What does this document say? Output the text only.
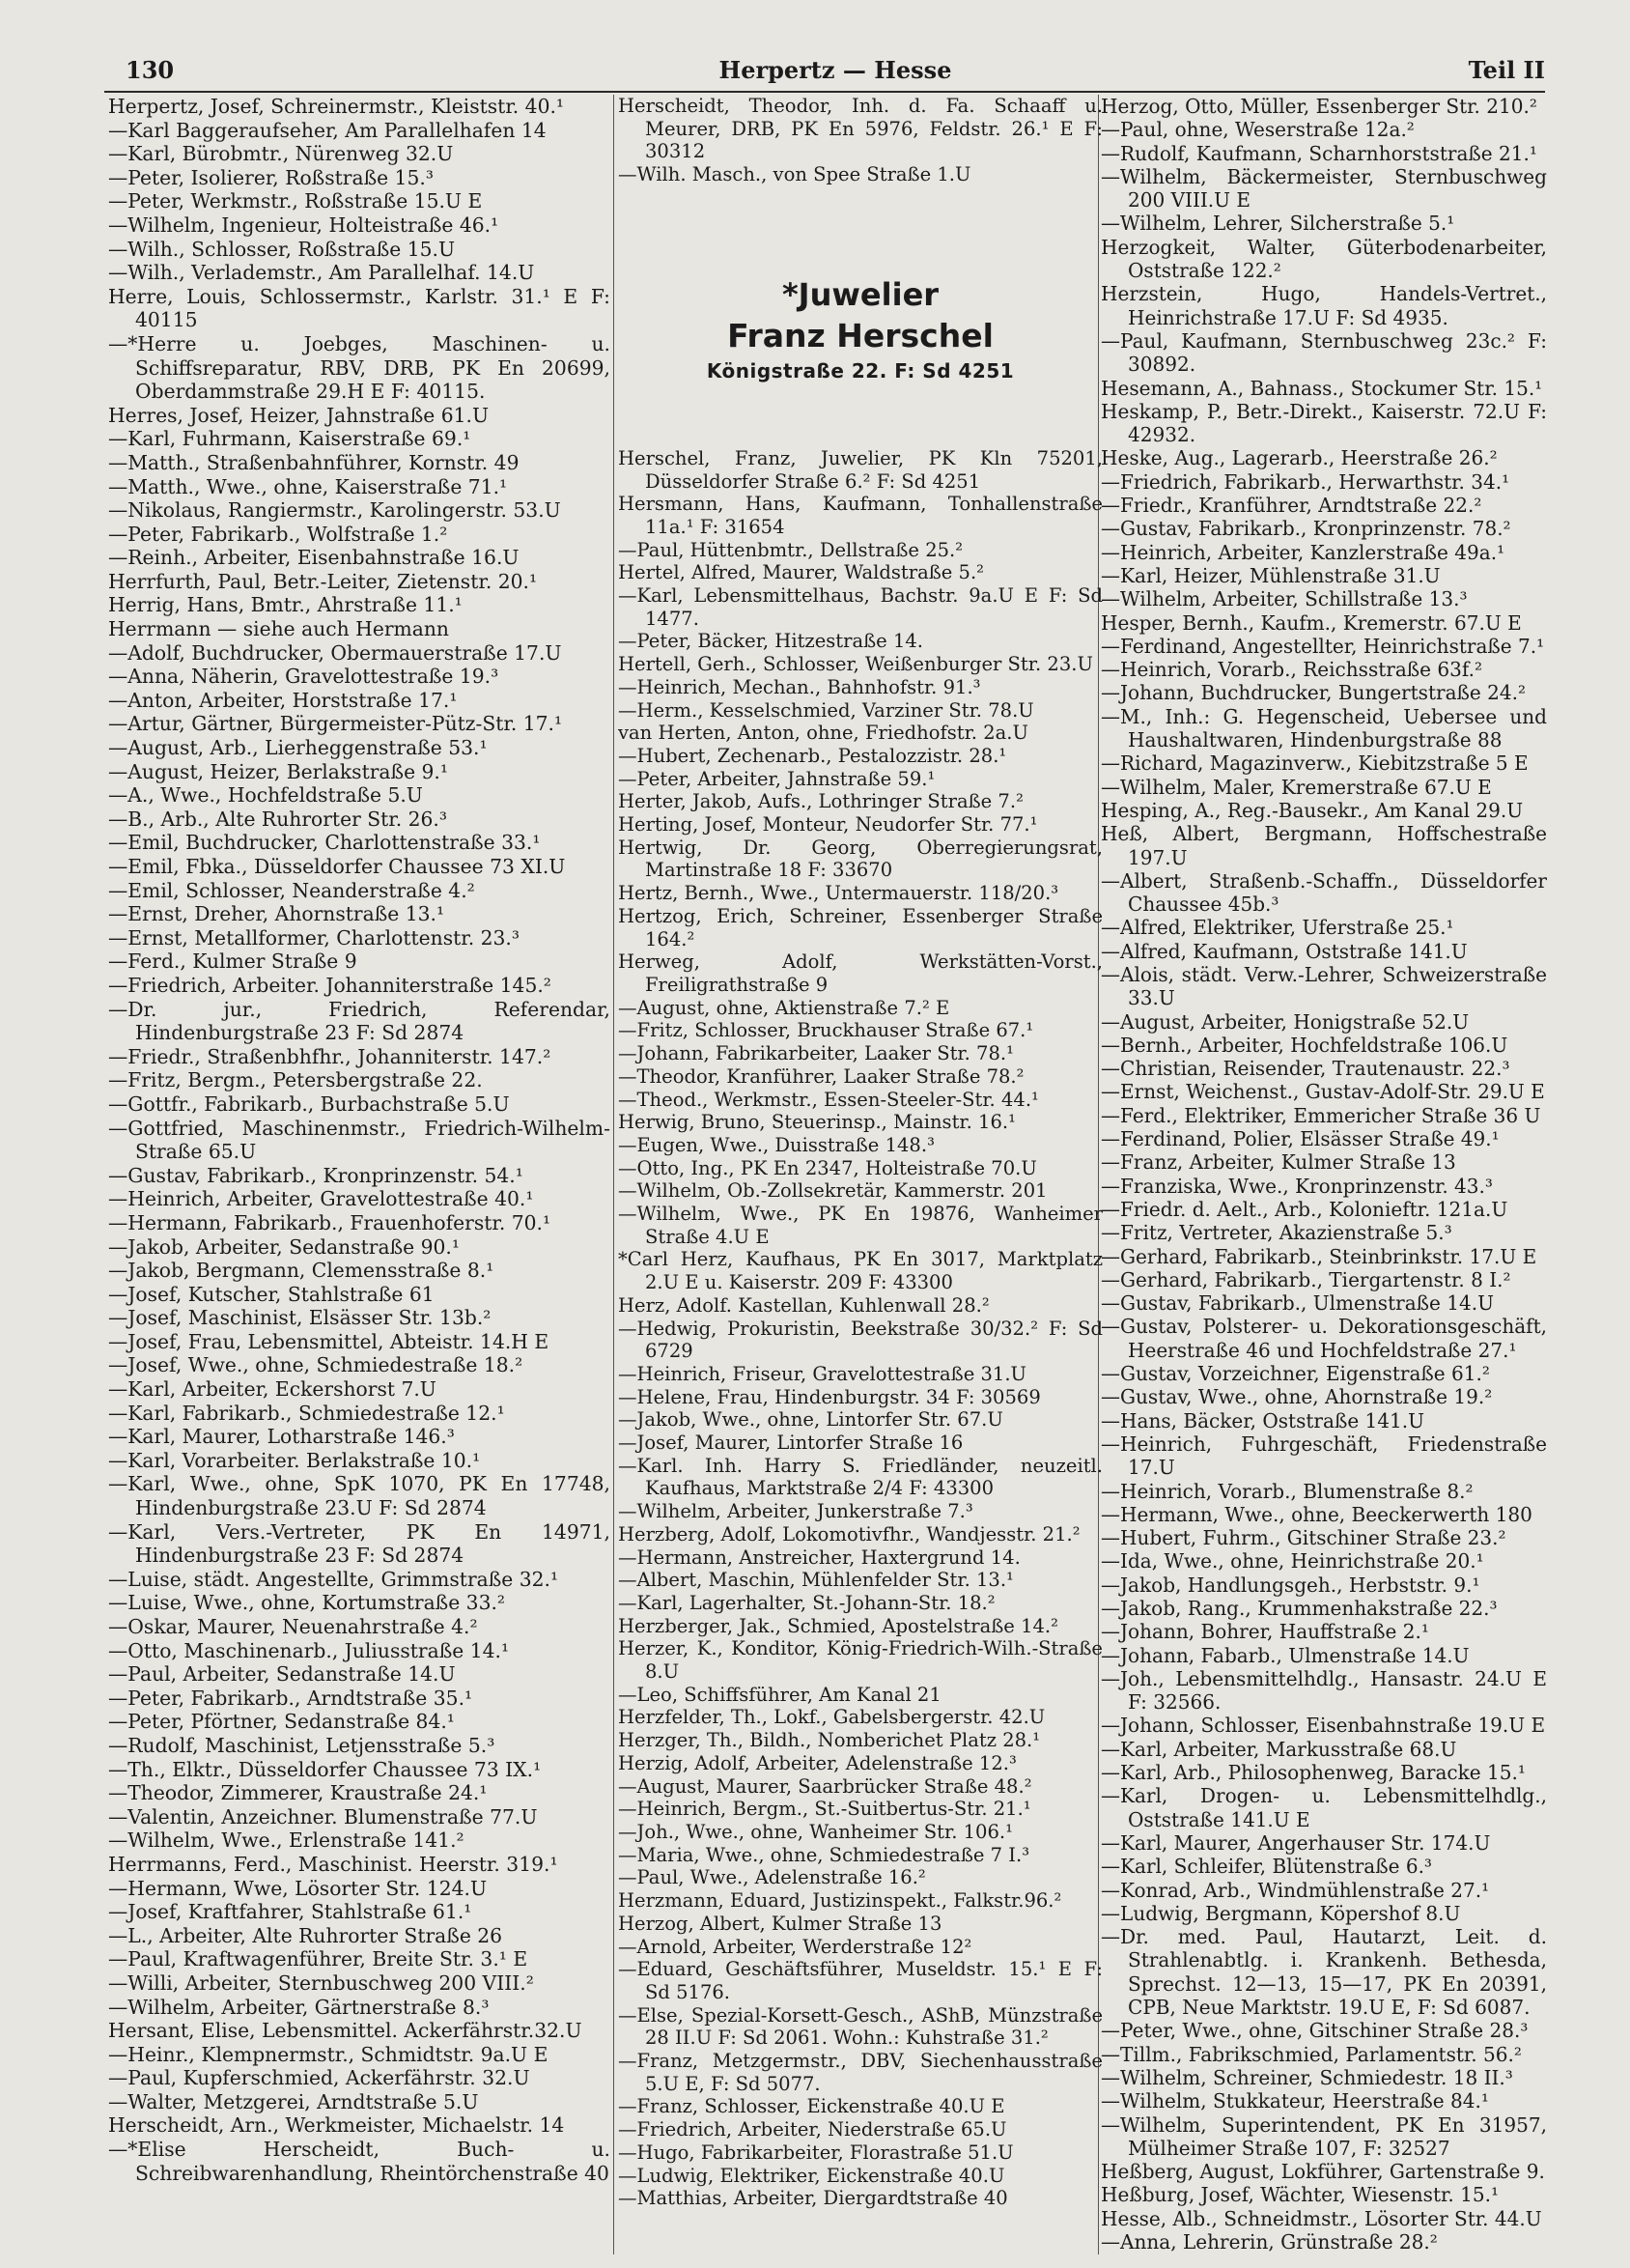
130	Herpertz — Hesse	Teil II
Herpertz, Josef, Schreinermstr., Kleiststr. 40.¹
—Karl Baggeraufseher, Am Parallelhafen 14
—Karl, Bürobmtr., Nürenweg 32.U
—Peter, Isolierer, Roßstraße 15.³
—Peter, Werkmstr., Roßstraße 15.U E
—Wilhelm, Ingenieur, Holteistraße 46.¹
—Wilh., Schlosser, Roßstraße 15.U
—Wilh., Verlademstr., Am Parallelhaf. 14.U
Herre, Louis, Schlossermstr., Karlstr. 31.¹ E F: 40115
—*Herre u. Joebges, Maschinen- u. Schiffsreparatur, RBV, DRB, PK En 20699, Oberdammstraße 29.H E F: 40115.
Herres, Josef, Heizer, Jahnstraße 61.U
—Karl, Fuhrmann, Kaiserstraße 69.¹
—Matth., Straßenbahnführer, Kornstr. 49
—Matth., Wwe., ohne, Kaiserstraße 71.¹
—Nikolaus, Rangiermstr., Karolingerstr. 53.U
—Peter, Fabrikarb., Wolfstraße 1.²
—Reinh., Arbeiter, Eisenbahnstraße 16.U
Herrfurth, Paul, Betr.-Leiter, Zietenstr. 20.¹
Herrig, Hans, Bmtr., Ahrstraße 11.¹
Herrmann — siehe auch Hermann
—Adolf, Buchdrucker, Obermauerstraße 17.U
—Anna, Näherin, Gravelottestraße 19.³
—Anton, Arbeiter, Horststraße 17.¹
—Artur, Gärtner, Bürgermeister-Pütz-Str. 17.¹
—August, Arb., Lierheggenstraße 53.¹
—August, Heizer, Berlakstraße 9.¹
—A., Wwe., Hochfeldstraße 5.U
—B., Arb., Alte Ruhrorter Str. 26.³
—Emil, Buchdrucker, Charlottenstraße 33.¹
—Emil, Fbka., Düsseldorfer Chaussee 73 XI.U
—Emil, Schlosser, Neanderstraße 4.²
—Ernst, Dreher, Ahornstraße 13.¹
—Ernst, Metallformer, Charlottenstr. 23.³
—Ferd., Kulmer Straße 9
—Friedrich, Arbeiter. Johanniterstraße 145.²
—Dr. jur., Friedrich, Referendar, Hindenburgstraße 23 F: Sd 2874
—Friedr., Straßenbhfhr., Johanniterstr. 147.²
—Fritz, Bergm., Petersbergstraße 22.
—Gottfr., Fabrikarb., Burbachstraße 5.U
—Gottfried, Maschinenmstr., Friedrich-Wilhelm-Straße 65.U
—Gustav, Fabrikarb., Kronprinzenstr. 54.¹
—Heinrich, Arbeiter, Gravelottestraße 40.¹
—Hermann, Fabrikarb., Frauenhoferstr. 70.¹
—Jakob, Arbeiter, Sedanstraße 90.¹
—Jakob, Bergmann, Clemensstraße 8.¹
—Josef, Kutscher, Stahlstraße 61
—Josef, Maschinist, Elsässer Str. 13b.²
—Josef, Frau, Lebensmittel, Abteistr. 14.H E
—Josef, Wwe., ohne, Schmiedestraße 18.²
—Karl, Arbeiter, Eckershorst 7.U
—Karl, Fabrikarb., Schmiedestraße 12.¹
—Karl, Maurer, Lotharstraße 146.³
—Karl, Vorarbeiter. Berlakstraße 10.¹
—Karl, Wwe., ohne, SpK 1070, PK En 17748, Hindenburgstraße 23.U F: Sd 2874
—Karl, Vers.-Vertreter, PK En 14971, Hindenburgstraße 23 F: Sd 2874
—Luise, städt. Angestellte, Grimmstraße 32.¹
—Luise, Wwe., ohne, Kortumstraße 33.²
—Oskar, Maurer, Neuenahrstraße 4.²
—Otto, Maschinenarb., Juliusstraße 14.¹
—Paul, Arbeiter, Sedanstraße 14.U
—Peter, Fabrikarb., Arndtstraße 35.¹
—Peter, Pförtner, Sedanstraße 84.¹
—Rudolf, Maschinist, Letjensstraße 5.³
—Th., Elktr., Düsseldorfer Chaussee 73 IX.¹
—Theodor, Zimmerer, Kraustraße 24.¹
—Valentin, Anzeichner. Blumenstraße 77.U
—Wilhelm, Wwe., Erlenstraße 141.²
Herrmanns, Ferd., Maschinist. Heerstr. 319.¹
—Hermann, Wwe, Lösorter Str. 124.U
—Josef, Kraftfahrer, Stahlstraße 61.¹
—L., Arbeiter, Alte Ruhrorter Straße 26
—Paul, Kraftwagenführer, Breite Str. 3.¹ E
—Willi, Arbeiter, Sternbuschweg 200 VIII.²
—Wilhelm, Arbeiter, Gärtnerstraße 8.³
Hersant, Elise, Lebensmittel. Ackerfährstr.32.U
—Heinr., Klempnermstr., Schmidtstr. 9a.U E
—Paul, Kupferschmied, Ackerfährstr. 32.U
—Walter, Metzgerei, Arndtstraße 5.U
Herscheidt, Arn., Werkmeister, Michaelstr. 14
—*Elise Herscheidt, Buch- u. Schreibwarenhandlung, Rheintörchenstraße 40
Herscheidt, Theodor, Inh. d. Fa. Schaaff u. Meurer, DRB, PK En 5976, Feldstr. 26.¹ E F: 30312
—Wilh. Masch., von Spee Straße 1.U
*Juwelier
Franz Herschel
Königstraße 22. F: Sd 4251
Herschel, Franz, Juwelier, PK Kln 75201, Düsseldorfer Straße 6.² F: Sd 4251
Hersmann, Hans, Kaufmann, Tonhallenstraße 11a.¹ F: 31654
—Paul, Hüttenbmtr., Dellstraße 25.²
Hertel, Alfred, Maurer, Waldstraße 5.²
—Karl, Lebensmittelhaus, Bachstr. 9a.U E F: Sd 1477.
—Peter, Bäcker, Hitzestraße 14.
Hertell, Gerh., Schlosser, Weißenburger Str. 23.U
—Heinrich, Mechan., Bahnhofstr. 91.³
—Herm., Kesselschmied, Varziner Str. 78.U
van Herten, Anton, ohne, Friedhofstr. 2a.U
—Hubert, Zechenarb., Pestalozzistr. 28.¹
—Peter, Arbeiter, Jahnstraße 59.¹
Herter, Jakob, Aufs., Lothringer Straße 7.²
Herting, Josef, Monteur, Neudorfer Str. 77.¹
Hertwig, Dr. Georg, Oberregierungsrat, Martinstraße 18 F: 33670
Hertz, Bernh., Wwe., Untermauerstr. 118/20.³
Hertzog, Erich, Schreiner, Essenberger Straße 164.²
Herweg, Adolf, Werkstätten-Vorst., Freiligrathstraße 9
—August, ohne, Aktienstraße 7.² E
—Fritz, Schlosser, Bruckhauser Straße 67.¹
—Johann, Fabrikarbeiter, Laaker Str. 78.¹
—Theodor, Kranführer, Laaker Straße 78.²
—Theod., Werkmstr., Essen-Steeler-Str. 44.¹
Herwig, Bruno, Steuerinsp., Mainstr. 16.¹
—Eugen, Wwe., Duisstraße 148.³
—Otto, Ing., PK En 2347, Holteistraße 70.U
—Wilhelm, Ob.-Zollsekretär, Kammerstr. 201
—Wilhelm, Wwe., PK En 19876, Wanheimer Straße 4.U E
*Carl Herz, Kaufhaus, PK En 3017, Marktplatz 2.U E u. Kaiserstr. 209 F: 43300
Herz, Adolf. Kastellan, Kuhlenwall 28.²
—Hedwig, Prokuristin, Beekstraße 30/32.² F: Sd 6729
—Heinrich, Friseur, Gravelottestraße 31.U
—Helene, Frau, Hindenburgstr. 34 F: 30569
—Jakob, Wwe., ohne, Lintorfer Str. 67.U
—Josef, Maurer, Lintorfer Straße 16
—Karl. Inh. Harry S. Friedländer, neuzeitl. Kaufhaus, Marktstraße 2/4 F: 43300
—Wilhelm, Arbeiter, Junkerstraße 7.³
Herzberg, Adolf, Lokomotivfhr., Wandjesstr. 21.²
—Hermann, Anstreicher, Haxtergrund 14.
—Albert, Maschin, Mühlenfelder Str. 13.¹
—Karl, Lagerhalter, St.-Johann-Str. 18.²
Herzberger, Jak., Schmied, Apostelstraße 14.²
Herzer, K., Konditor, König-Friedrich-Wilh.-Straße 8.U
—Leo, Schiffsführer, Am Kanal 21
Herzfelder, Th., Lokf., Gabelsbergerstr. 42.U
Herzger, Th., Bildh., Nomberichet Platz 28.¹
Herzig, Adolf, Arbeiter, Adelenstraße 12.³
—August, Maurer, Saarbrücker Straße 48.²
—Heinrich, Bergm., St.-Suitbertus-Str. 21.¹
—Joh., Wwe., ohne, Wanheimer Str. 106.¹
—Maria, Wwe., ohne, Schmiedestraße 7 I.³
—Paul, Wwe., Adelenstraße 16.²
Herzmann, Eduard, Justizinspekt., Falkstr.96.²
Herzog, Albert, Kulmer Straße 13
—Arnold, Arbeiter, Werderstraße 12²
—Eduard, Geschäftsführer, Museldstr. 15.¹ E F: Sd 5176.
—Else, Spezial-Korsett-Gesch., AShB, Münzstraße 28 II.U F: Sd 2061. Wohn.: Kuhstraße 31.²
—Franz, Metzgermstr., DBV, Siechenhausstraße 5.U E, F: Sd 5077.
—Franz, Schlosser, Eickenstraße 40.U E
—Friedrich, Arbeiter, Niederstraße 65.U
—Hugo, Fabrikarbeiter, Florastraße 51.U
—Ludwig, Elektriker, Eickenstraße 40.U
—Matthias, Arbeiter, Diergardtstraße 40
Herzog, Otto, Müller, Essenberger Str. 210.²
—Paul, ohne, Weserstraße 12a.²
—Rudolf, Kaufmann, Scharnhorststraße 21.¹
—Wilhelm, Bäckermeister, Sternbuschweg 200 VIII.U E
—Wilhelm, Lehrer, Silcherstraße 5.¹
Herzogkeit, Walter, Güterbodenarbeiter, Oststraße 122.²
Herzstein, Hugo, Handels-Vertret., Heinrichstraße 17.U F: Sd 4935.
—Paul, Kaufmann, Sternbuschweg 23c.² F: 30892.
Hesemann, A., Bahnass., Stockumer Str. 15.¹
Heskamp, P., Betr.-Direkt., Kaiserstr. 72.U F: 42932.
Heske, Aug., Lagerarb., Heerstraße 26.²
—Friedrich, Fabrikarb., Herwarthstr. 34.¹
—Friedr., Kranführer, Arndtstraße 22.²
—Gustav, Fabrikarb., Kronprinzenstr. 78.²
—Heinrich, Arbeiter, Kanzlerstraße 49a.¹
—Karl, Heizer, Mühlenstraße 31.U
—Wilhelm, Arbeiter, Schillstraße 13.³
Hesper, Bernh., Kaufm., Kremerstr. 67.U E
—Ferdinand, Angestellter, Heinrichstraße 7.¹
—Heinrich, Vorarb., Reichsstraße 63f.²
—Johann, Buchdrucker, Bungertstraße 24.²
—M., Inh.: G. Hegenscheid, Uebersee und Haushaltwaren, Hindenburgstraße 88
—Richard, Magazinverw., Kiebitzstraße 5 E
—Wilhelm, Maler, Kremerstraße 67.U E
Hesping, A., Reg.-Bausekr., Am Kanal 29.U
Heß, Albert, Bergmann, Hoffschestraße 197.U
—Albert, Straßenb.-Schaffn., Düsseldorfer Chaussee 45b.³
—Alfred, Elektriker, Uferstraße 25.¹
—Alfred, Kaufmann, Oststraße 141.U
—Alois, städt. Verw.-Lehrer, Schweizerstraße 33.U
—August, Arbeiter, Honigstraße 52.U
—Bernh., Arbeiter, Hochfeldstraße 106.U
—Christian, Reisender, Trautenaustr. 22.³
—Ernst, Weichenst., Gustav-Adolf-Str. 29.U E
—Ferd., Elektriker, Emmericher Straße 36 U
—Ferdinand, Polier, Elsässer Straße 49.¹
—Franz, Arbeiter, Kulmer Straße 13
—Franziska, Wwe., Kronprinzenstr. 43.³
—Friedr. d. Aelt., Arb., Kolonieftr. 121a.U
—Fritz, Vertreter, Akazienstraße 5.³
—Gerhard, Fabrikarb., Steinbrinkstr. 17.U E
—Gerhard, Fabrikarb., Tiergartenstr. 8 I.²
—Gustav, Fabrikarb., Ulmenstraße 14.U
—Gustav, Polsterer- u. Dekorationsgeschäft, Heerstraße 46 und Hochfeldstraße 27.¹
—Gustav, Vorzeichner, Eigenstraße 61.²
—Gustav, Wwe., ohne, Ahornstraße 19.²
—Hans, Bäcker, Oststraße 141.U
—Heinrich, Fuhrgeschäft, Friedenstraße 17.U
—Heinrich, Vorarb., Blumenstraße 8.²
—Hermann, Wwe., ohne, Beeckerwerth 180
—Hubert, Fuhrm., Gitschiner Straße 23.²
—Ida, Wwe., ohne, Heinrichstraße 20.¹
—Jakob, Handlungsgeh., Herbststr. 9.¹
—Jakob, Rang., Krummenhakstraße 22.³
—Johann, Bohrer, Hauffstraße 2.¹
—Johann, Fabarb., Ulmenstraße 14.U
—Joh., Lebensmittelhdlg., Hansastr. 24.U E F: 32566.
—Johann, Schlosser, Eisenbahnstraße 19.U E
—Karl, Arbeiter, Markusstraße 68.U
—Karl, Arb., Philosophenweg, Baracke 15.¹
—Karl, Drogen- u. Lebensmittelhdlg., Oststraße 141.U E
—Karl, Maurer, Angerhauser Str. 174.U
—Karl, Schleifer, Blütenstraße 6.³
—Konrad, Arb., Windmühlenstraße 27.¹
—Ludwig, Bergmann, Köpershof 8.U
—Dr. med. Paul, Hautarzt, Leit. d. Strahlenabtlg. i. Krankenh. Bethesda, Sprechst. 12—13, 15—17, PK En 20391, CPB, Neue Marktstr. 19.U E, F: Sd 6087.
—Peter, Wwe., ohne, Gitschiner Straße 28.³
—Tillm., Fabrikschmied, Parlamentstr. 56.²
—Wilhelm, Schreiner, Schmiedestr. 18 II.³
—Wilhelm, Stukkateur, Heerstraße 84.¹
—Wilhelm, Superintendent, PK En 31957, Mülheimer Straße 107, F: 32527
Heßberg, August, Lokführer, Gartenstraße 9.
Heßburg, Josef, Wächter, Wiesenstr. 15.¹
Hesse, Alb., Schneidmstr., Lösorter Str. 44.U
—Anna, Lehrerin, Grünstraße 28.²
